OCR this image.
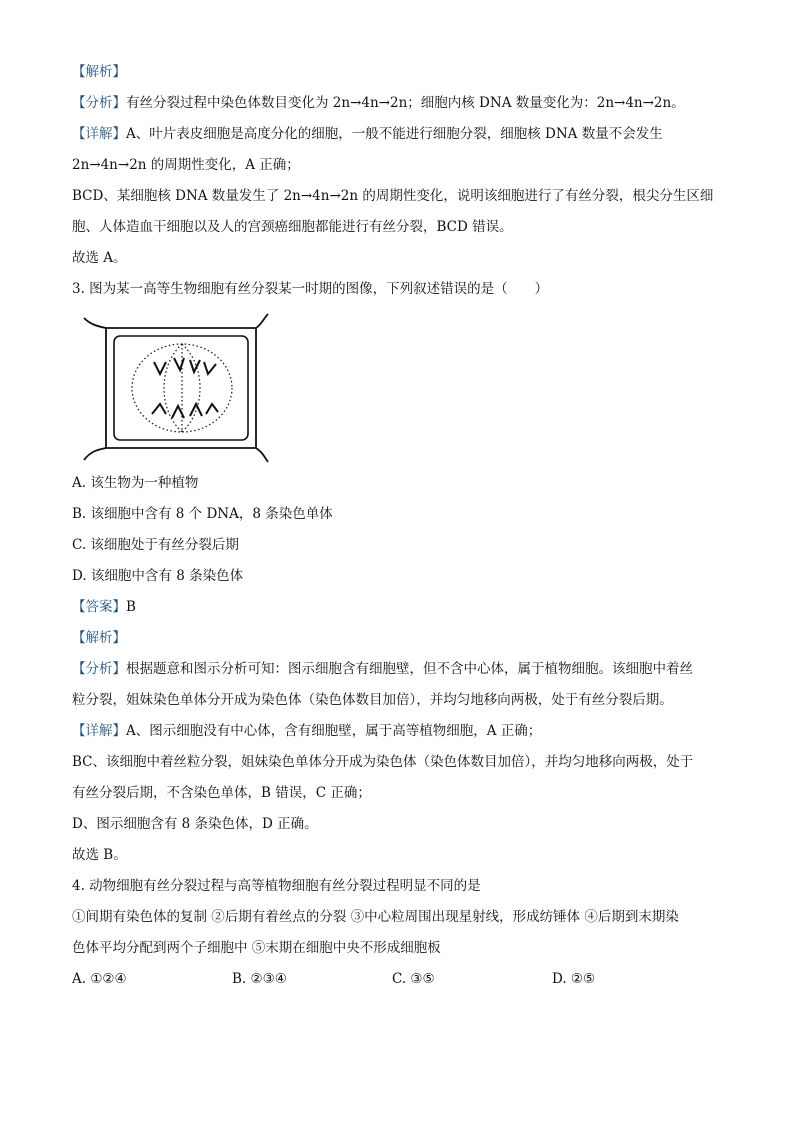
【解析】

【分析】有丝分裂过程中染色体数目变化为 2n→4n→2n；细胞内核 DNA 数量变化为：2n→4n→2n。

【详解】A、叶片表皮细胞是高度分化的细胞，一般不能进行细胞分裂，细胞核 DNA 数量不会发生

2n→4n→2n 的周期性变化，A 正确；

BCD、某细胞核 DNA 数量发生了 2n→4n→2n 的周期性变化，说明该细胞进行了有丝分裂，根尖分生区细

胞、人体造血干细胞以及人的宫颈癌细胞都能进行有丝分裂，BCD 错误。

故选 A。

3. 图为某一高等生物细胞有丝分裂某一时期的图像，下列叙述错误的是（　　）

A. 该生物为一种植物

B. 该细胞中含有 8 个 DNA，8 条染色单体

C. 该细胞处于有丝分裂后期

D. 该细胞中含有 8 条染色体

【答案】B

【解析】

【分析】根据题意和图示分析可知：图示细胞含有细胞壁，但不含中心体，属于植物细胞。该细胞中着丝

粒分裂，姐妹染色单体分开成为染色体（染色体数目加倍），并均匀地移向两极，处于有丝分裂后期。

【详解】A、图示细胞没有中心体，含有细胞壁，属于高等植物细胞，A 正确；

BC、该细胞中着丝粒分裂，姐妹染色单体分开成为染色体（染色体数目加倍），并均匀地移向两极，处于

有丝分裂后期，不含染色单体，B 错误，C 正确；

D、图示细胞含有 8 条染色体，D 正确。

故选 B。

4. 动物细胞有丝分裂过程与高等植物细胞有丝分裂过程明显不同的是

①间期有染色体的复制 ②后期有着丝点的分裂 ③中心粒周围出现星射线，形成纺锤体 ④后期到末期染

色体平均分配到两个子细胞中 ⑤末期在细胞中央不形成细胞板

A. ①②④	B. ②③④	C. ③⑤	D. ②⑤
